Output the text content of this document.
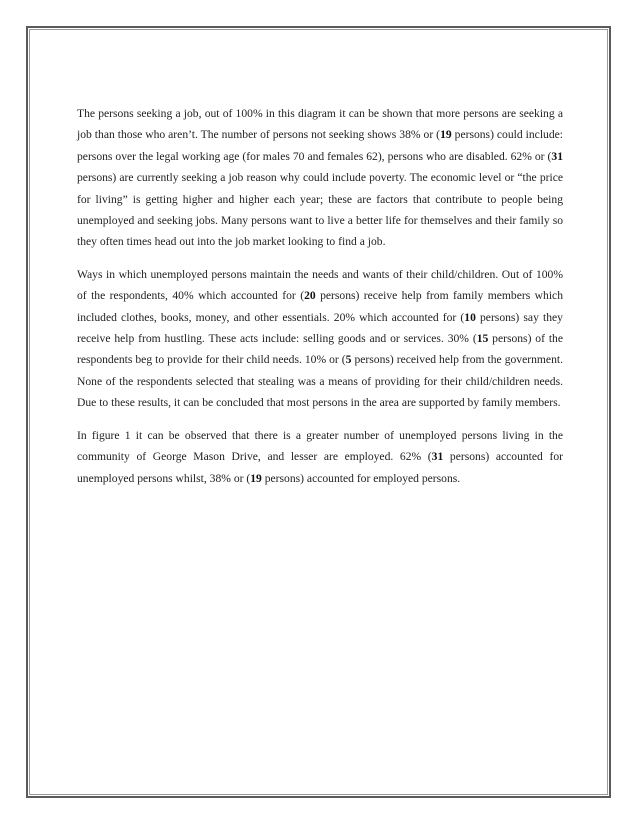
The persons seeking a job, out of 100% in this diagram it can be shown that more persons are seeking a job than those who aren’t. The number of persons not seeking shows 38% or (19 persons) could include: persons over the legal working age (for males 70 and females 62), persons who are disabled. 62% or (31 persons) are currently seeking a job reason why could include poverty. The economic level or “the price for living” is getting higher and higher each year; these are factors that contribute to people being unemployed and seeking jobs. Many persons want to live a better life for themselves and their family so they often times head out into the job market looking to find a job.

Ways in which unemployed persons maintain the needs and wants of their child/children. Out of 100% of the respondents, 40% which accounted for (20 persons) receive help from family members which included clothes, books, money, and other essentials. 20% which accounted for (10 persons) say they receive help from hustling. These acts include: selling goods and or services. 30% (15 persons) of the respondents beg to provide for their child needs. 10% or (5 persons) received help from the government. None of the respondents selected that stealing was a means of providing for their child/children needs. Due to these results, it can be concluded that most persons in the area are supported by family members.

In figure 1 it can be observed that there is a greater number of unemployed persons living in the community of George Mason Drive, and lesser are employed. 62% (31 persons) accounted for unemployed persons whilst, 38% or (19 persons) accounted for employed persons.
